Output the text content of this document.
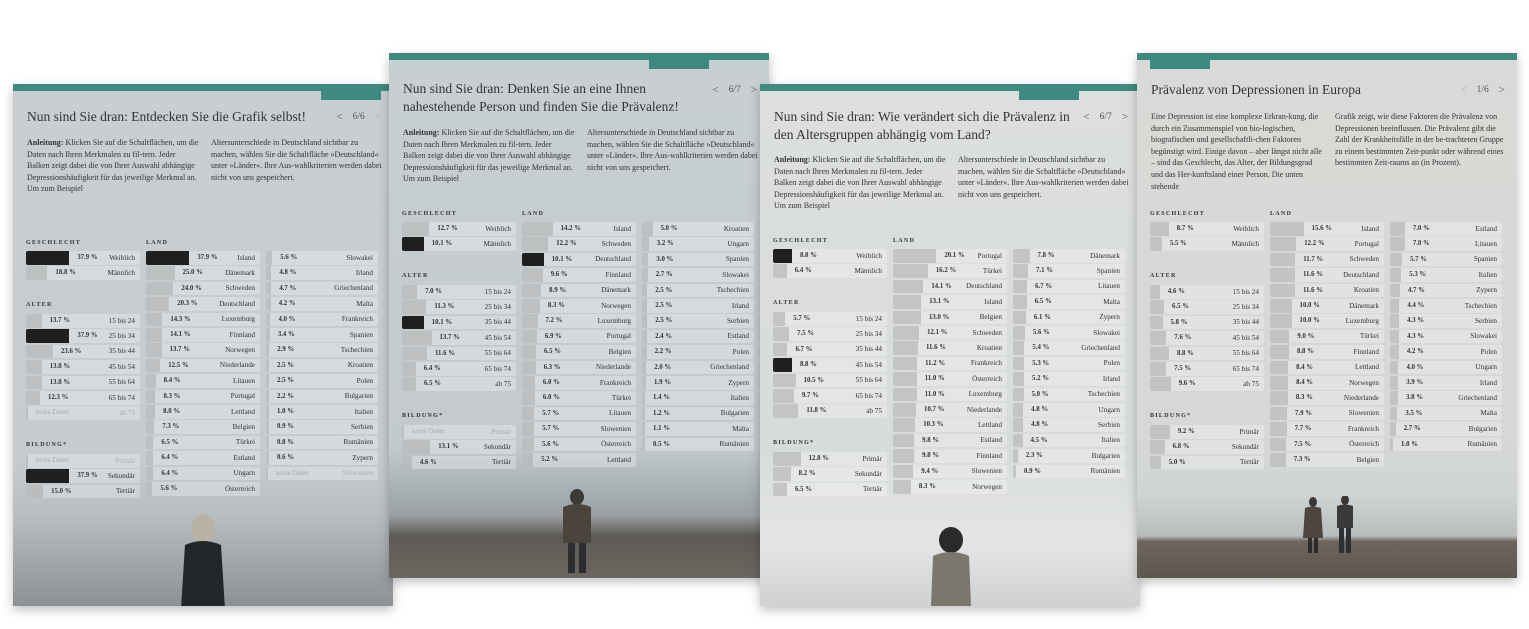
Nun sind Sie dran: Entdecken Sie die Grafik selbst!	< 6/6 >
Anleitung: Klicken Sie auf die Schaltflächen, um die Daten nach Ihren Merkmalen zu fil-tern. Jeder Balken zeigt dabei die von Ihrer Auswahl abhängige Depressionshäufigkeit für das jeweilige Merkmal an. Um zum Beispiel
Altersunterschiede in Deutschland sichtbar zu machen, wählen Sie die Schaltfläche »Deutschland« unter »Länder«. Ihre Aus-wahlkriterien werden dabei nicht von uns gespeichert.
GESCHLECHT	LAND
37.9 % Weiblich
18.8 %	Männlich
ALTER
13.7 %	15 bis 24
37.9 % 25 bis 34
23.6 %	35 bis 44
13.8 %	45 bis 54
13.8 %	55 bis 64
12.3 %	65 bis 74
keine Daten	ab 75
BILDUNG*
keine Daten	Primär
37.9 % Sekundär
15.0 %	Tertiär
37.9 %	Island
25.0 %	Dänemark
24.0 %	Schweden
20.3 %	Deutschland
14.3 %	Luxemburg
14.1 %	Finnland
13.7 %	Norwegen
12.5 %	Niederlande
8.4 %	Litauen
8.3 %	Portugal
8.0 %	Lettland
7.3 %	Belgien
6.5 %	Türkei
6.4 %	Estland
6.4 %	Ungarn
5.6 %	Österreich
5.6 %	Slowakei
4.8 %	Irland
4.7 %	Griechenland
4.2 %	Malta
4.0 %	Frankreich
3.4 %	Spanien
2.9 %	Tschechien
2.5 %	Kroatien
2.5 %	Polen
2.2 %	Bulgarien
1.0 %	Italien
0.9 %	Serbien
0.8 %	Rumänien
0.6 %	Zypern
keine Daten	Slowenien
Nun sind Sie dran: Denken Sie an eine Ihnen nahestehende Person und finden Sie die Prävalenz!
< 6/7 >
Anleitung: Klicken Sie auf die Schaltflächen, um die Daten nach Ihren Merkmalen zu fil-tern. Jeder Balken zeigt dabei die von Ihrer Auswahl abhängige Depressionshäufigkeit für das jeweilige Merkmal an. Um zum Beispiel
Altersunterschiede in Deutschland sichtbar zu machen, wählen Sie die Schaltfläche »Deutschland« unter »Länder«. Ihre Aus-wahlkriterien werden dabei nicht von uns gespeichert.
GESCHLECHT	LAND
12.7 %	Weiblich
10.1 %	Männlich
ALTER
7.0 %	15 bis 24
11.3 %	25 bis 34
10.1 %	35 bis 44
13.7 %	45 bis 54
11.6 %	55 bis 64
6.4 %	65 bis 74
6.5 %	ab 75
BILDUNG*
keine Daten	Primär
13.1 %	Sekundär
4.6 %	Tertiär
14.2 %	Island
12.2 %	Schweden
10.1 %	Deutschland
9.6 %	Finnland
8.9 %	Dänemark
8.3 %	Norwegen
7.2 %	Luxemburg
6.9 %	Portugal
6.5 %	Belgien
6.3 %	Niederlande
6.0 %	Frankreich
6.0 %	Türkei
5.7 %	Litauen
5.7 %	Slowenien
5.6 %	Österreich
5.2 %	Lettland
5.0 %	Kroatien
3.2 %	Ungarn
3.0 %	Spanien
2.7 %	Slowakei
2.5 %	Tschechien
2.5 %	Irland
2.5 %	Serbien
2.4 %	Estland
2.2 %	Polen
2.0 %	Griechenland
1.9 %	Zypern
1.4 %	Italien
1.2 %	Bulgarien
1.1 %	Malta
0.5 %	Rumänien
Nun sind Sie dran: Wie verändert sich die Prävalenz in den Altersgruppen abhängig vom Land?
< 6/7 >
Anleitung: Klicken Sie auf die Schaltflächen, um die Daten nach Ihren Merkmalen zu fil-tern. Jeder Balken zeigt dabei die von Ihrer Auswahl abhängige Depressionshäufigkeit für das jeweilige Merkmal an. Um zum Beispiel
Altersunterschiede in Deutschland sichtbar zu machen, wählen Sie die Schaltfläche »Deutschland« unter »Länder«. Ihre Aus-wahlkriterien werden dabei nicht von uns gespeichert.
GESCHLECHT	LAND
8.8 %	Weiblich
6.4 %	Männlich
ALTER
5.7 %	15 bis 24
7.5 %	25 bis 34
6.7 %	35 bis 44
8.8 %	45 bis 54
10.5 %	55 bis 64
9.7 %	65 bis 74
11.8 %	ab 75
BILDUNG*
12.8 %	Primär
8.2 %	Sekundär
6.5 %	Tertiär
20.1 % Portugal
16.2 %	Türkei
14.1 % Deutschland
13.1 %	Island
13.0 %	Belgien
12.1 %	Schweden
11.6 %	Kroatien
11.2 %	Frankreich
11.0 %	Österreich
11.0 %	Luxemburg
10.7 %	Niederlande
10.3 %	Lettland
9.8 %	Estland
9.8 %	Finnland
9.4 %	Slowenien
8.3 %	Norwegen
7.8 %	Dänemark
7.1 %	Spanien
6.7 %	Litauen
6.5 %	Malta
6.1 %	Zypern
5.6 %	Slowakei
5.4 %	Griechenland
5.3 %	Polen
5.2 %	Irland
5.0 %	Tschechien
4.8 %	Ungarn
4.8 %	Serbien
4.5 %	Italien
2.3 %	Bulgarien
0.9 %	Rumänien
Prävalenz von Depressionen in Europa	< 1/6 >
Eine Depression ist eine komplexe Erkran-kung, die durch ein Zusammenspiel von bio-logischen, biografischen und gesellschaftli-chen Faktoren begünstigt wird. Einige davon – aber längst nicht alle – sind das Geschlecht, das Alter, der Bildungsgrad und das Her-kunftsland einer Person. Die unten stehende
Grafik zeigt, wie diese Faktoren die Prävalenz von Depressionen beeinflussen. Die Prävalenz gibt die Zahl der Krankheitsfälle in der be-trachteten Gruppe zu einem bestimmten Zeit-punkt oder während eines bestimmten Zeit-raums an (in Prozent).
GESCHLECHT	LAND
8.7 %	Weiblich
5.5 %	Männlich
ALTER
4.6 %	15 bis 24
6.5 %	25 bis 34
5.8 %	35 bis 44
7.6 %	45 bis 54
8.8 %	55 bis 64
7.5 %	65 bis 74
9.6 %	ab 75
BILDUNG*
9.2 %	Primär
6.8 %	Sekundär
5.0 %	Tertiär
15.6 %	Island
12.2 %	Portugal
11.7 %	Schweden
11.6 %	Deutschland
11.6 %	Kroatien
10.0 %	Dänemark
10.0 %	Luxemburg
9.0 %	Türkei
8.8 %	Finnland
8.4 %	Lettland
8.4 %	Norwegen
8.3 %	Niederlande
7.9 %	Slowenien
7.7 %	Frankreich
7.5 %	Österreich
7.3 %	Belgien
7.0 %	Estland
7.0 %	Litauen
5.7 %	Spanien
5.3 %	Italien
4.7 %	Zypern
4.4 %	Tschechien
4.3 %	Serbien
4.3 %	Slowakei
4.2 %	Polen
4.0 %	Ungarn
3.9 %	Irland
3.8 %	Griechenland
3.5 %	Malta
2.7 %	Bulgarien
1.0 %	Rumänien
